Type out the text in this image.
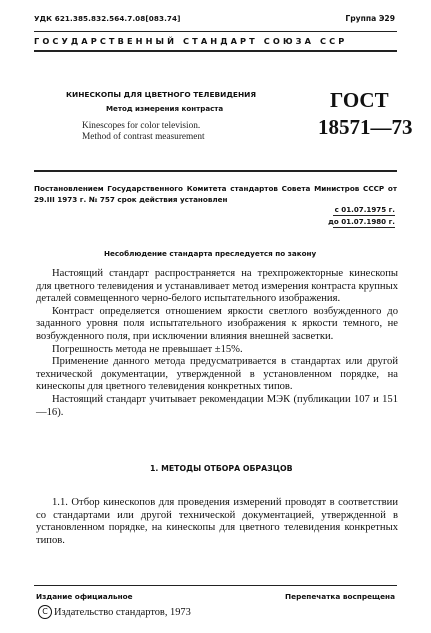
УДК 621.385.832.564.7.08[083.74]	Группа Э29
ГОСУДАРСТВЕННЫЙ СТАНДАРТ СОЮЗА ССР
КИНЕСКОПЫ ДЛЯ ЦВЕТНОГО ТЕЛЕВИДЕНИЯ
Метод измерения контраста
Kinescopes for color television.
Method of contrast measurement
ГОСТ
18571—73
Постановлением Государственного Комитета стандартов Совета Министров СССР от 29.III 1973 г. № 757 срок действия установлен
с 01.07.1975 г.
до 01.07.1980 г.
Несоблюдение стандарта преследуется по закону

Настоящий стандарт распространяется на трехпрожекторные кинескопы для цветного телевидения и устанавливает метод измерения контраста крупных деталей совмещенного черно-белого испытательного изображения.

Контраст определяется отношением яркости светлого возбужденного до заданного уровня поля испытательного изображения к яркости темного, не возбужденного поля, при исключении влияния внешней засветки.

Погрешность метода не превышает ±15%.

Применение данного метода предусматривается в стандартах или другой технической документации, утвержденной в установленном порядке, на кинескопы для цветного телевидения конкретных типов.

Настоящий стандарт учитывает рекомендации МЭК (публикации 107 и 151—16).

1. МЕТОДЫ ОТБОРА ОБРАЗЦОВ

1.1. Отбор кинескопов для проведения измерений проводят в соответствии со стандартами или другой технической документацией, утвержденной в установленном порядке, на кинескопы для цветного телевидения конкретных типов.

Издание официальное	Перепечатка воспрещена
C Издательство стандартов, 1973
